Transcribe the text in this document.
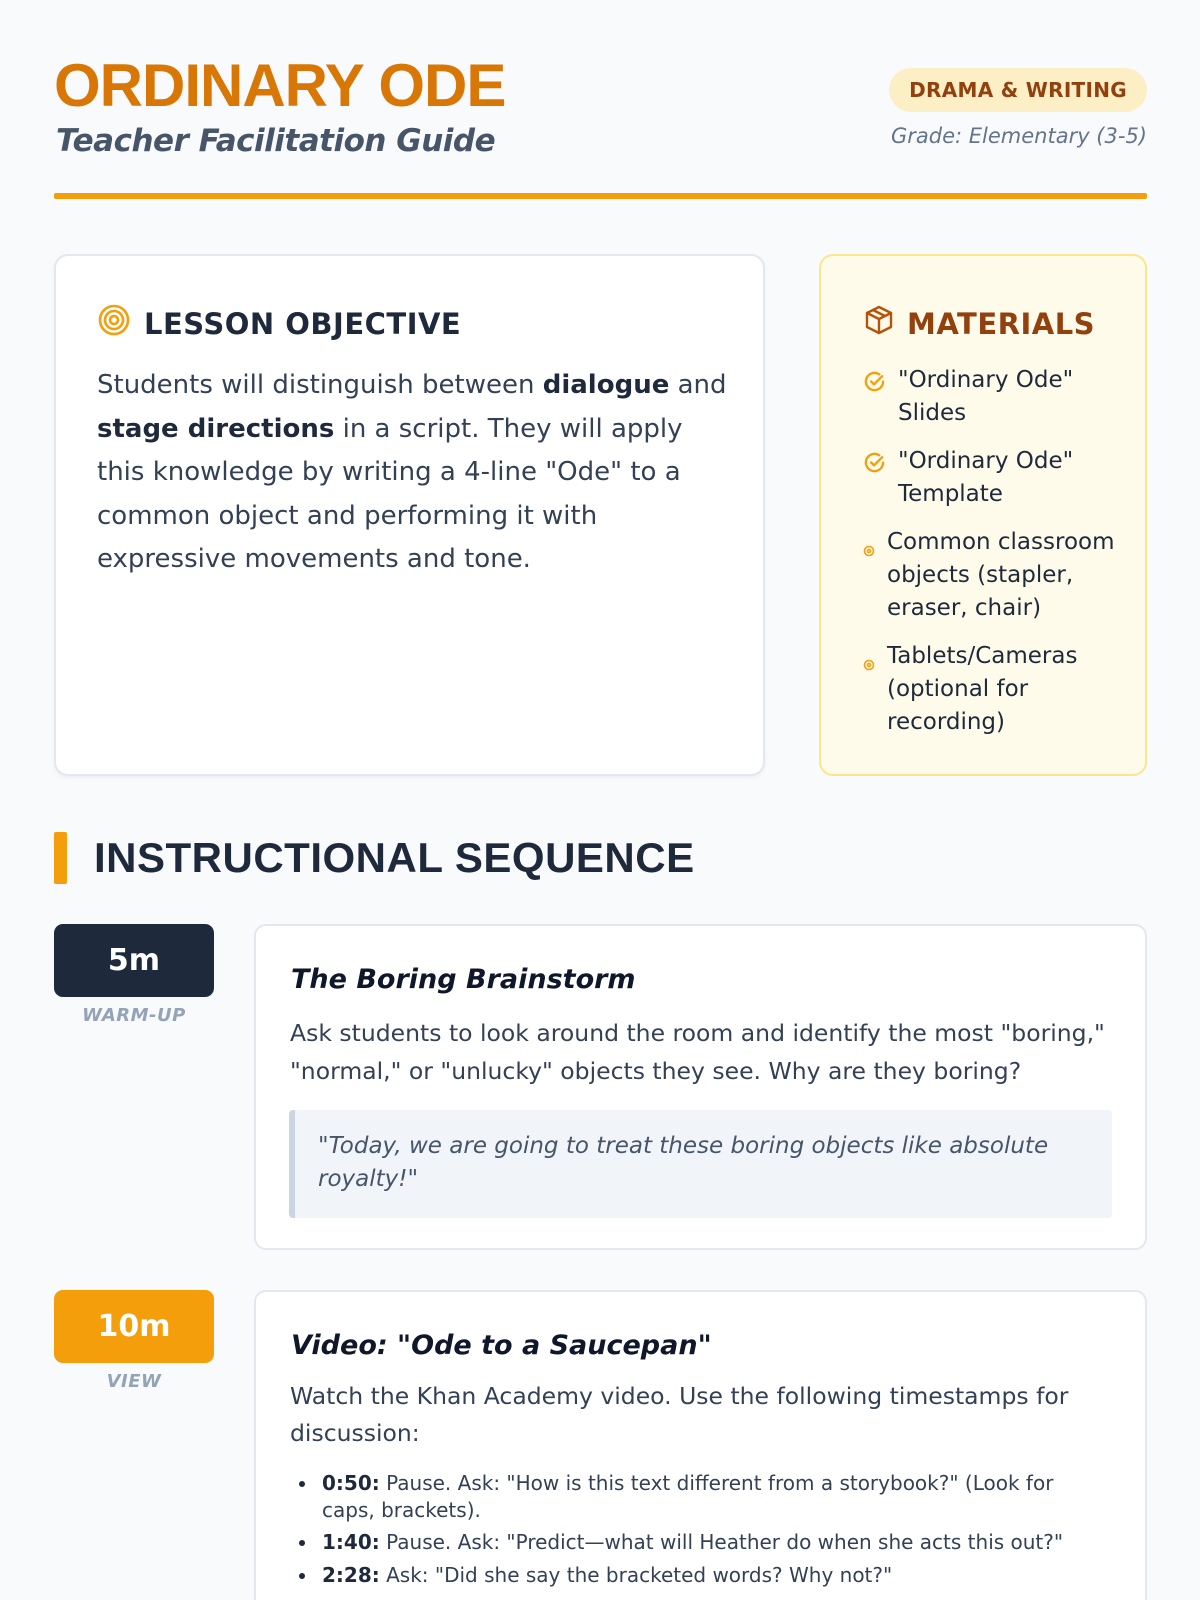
ORDINARY ODE
Teacher Facilitation Guide
DRAMA & WRITING
Grade: Elementary (3-5)
LESSON OBJECTIVE

Students will distinguish between dialogue and stage directions in a script. They will apply this knowledge by writing a 4-line "Ode" to a common object and performing it with expressive movements and tone.

MATERIALS
"Ordinary Ode" Slides
"Ordinary Ode" Template
Common classroom objects (stapler, eraser, chair)
Tablets/Cameras (optional for recording)
INSTRUCTIONAL SEQUENCE
5m
WARM-UP
The Boring Brainstorm

Ask students to look around the room and identify the most "boring," "normal," or "unlucky" objects they see. Why are they boring?

"Today, we are going to treat these boring objects like absolute royalty!"
10m
VIEW
Video: "Ode to a Saucepan"

Watch the Khan Academy video. Use the following timestamps for discussion:

0:50: Pause. Ask: "How is this text different from a storybook?" (Look for caps, brackets).
1:40: Pause. Ask: "Predict—what will Heather do when she acts this out?"
2:28: Ask: "Did she say the bracketed words? Why not?"
